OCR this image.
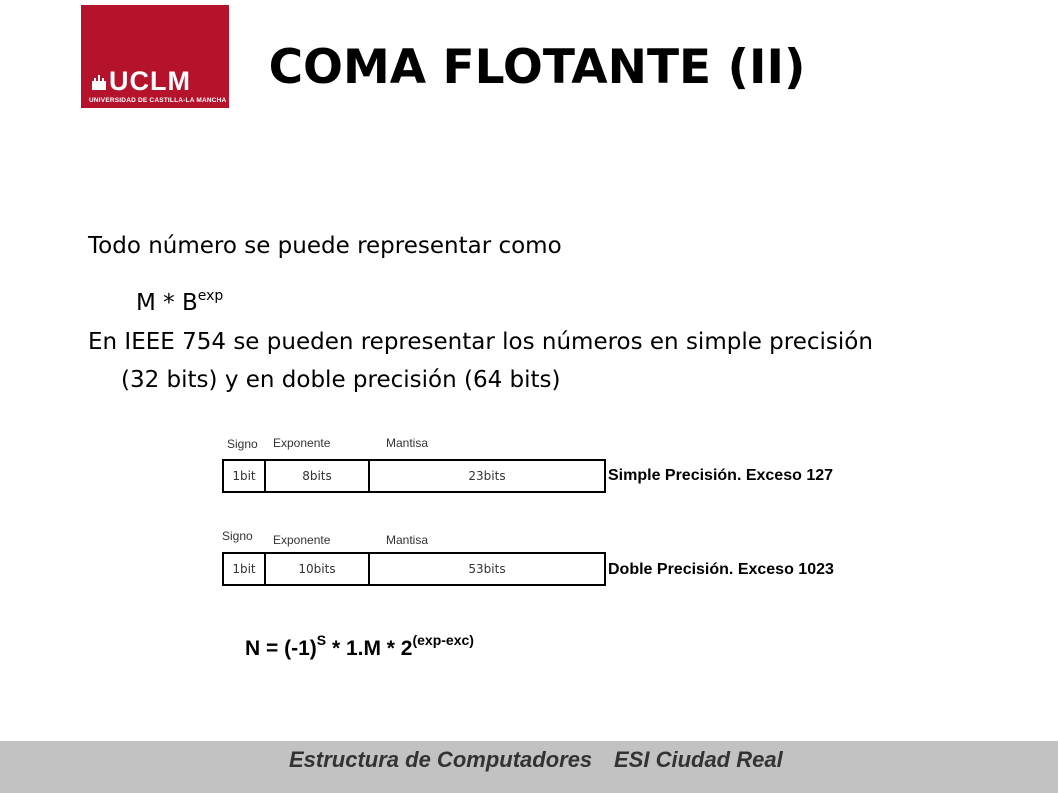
UCLM
UNIVERSIDAD DE CASTILLA-LA MANCHA
COMA FLOTANTE (II)
Todo número se puede representar como
M * $B^{exp}$
En IEEE 754 se pueden representar los números en simple precisión
(32 bits) y en doble precisión (64 bits)
Signo Exponente	Mantisa
1bit	8bits	23bits	Simple Precisión. Exceso 127
Signo Exponente	Mantisa
1bit	10bits	53bits	Doble Precisión. Exceso 1023
$N = (-1)^S * 1.M * 2^{(exp-exc)}$
Estructura de Computadores ESI Ciudad Real
